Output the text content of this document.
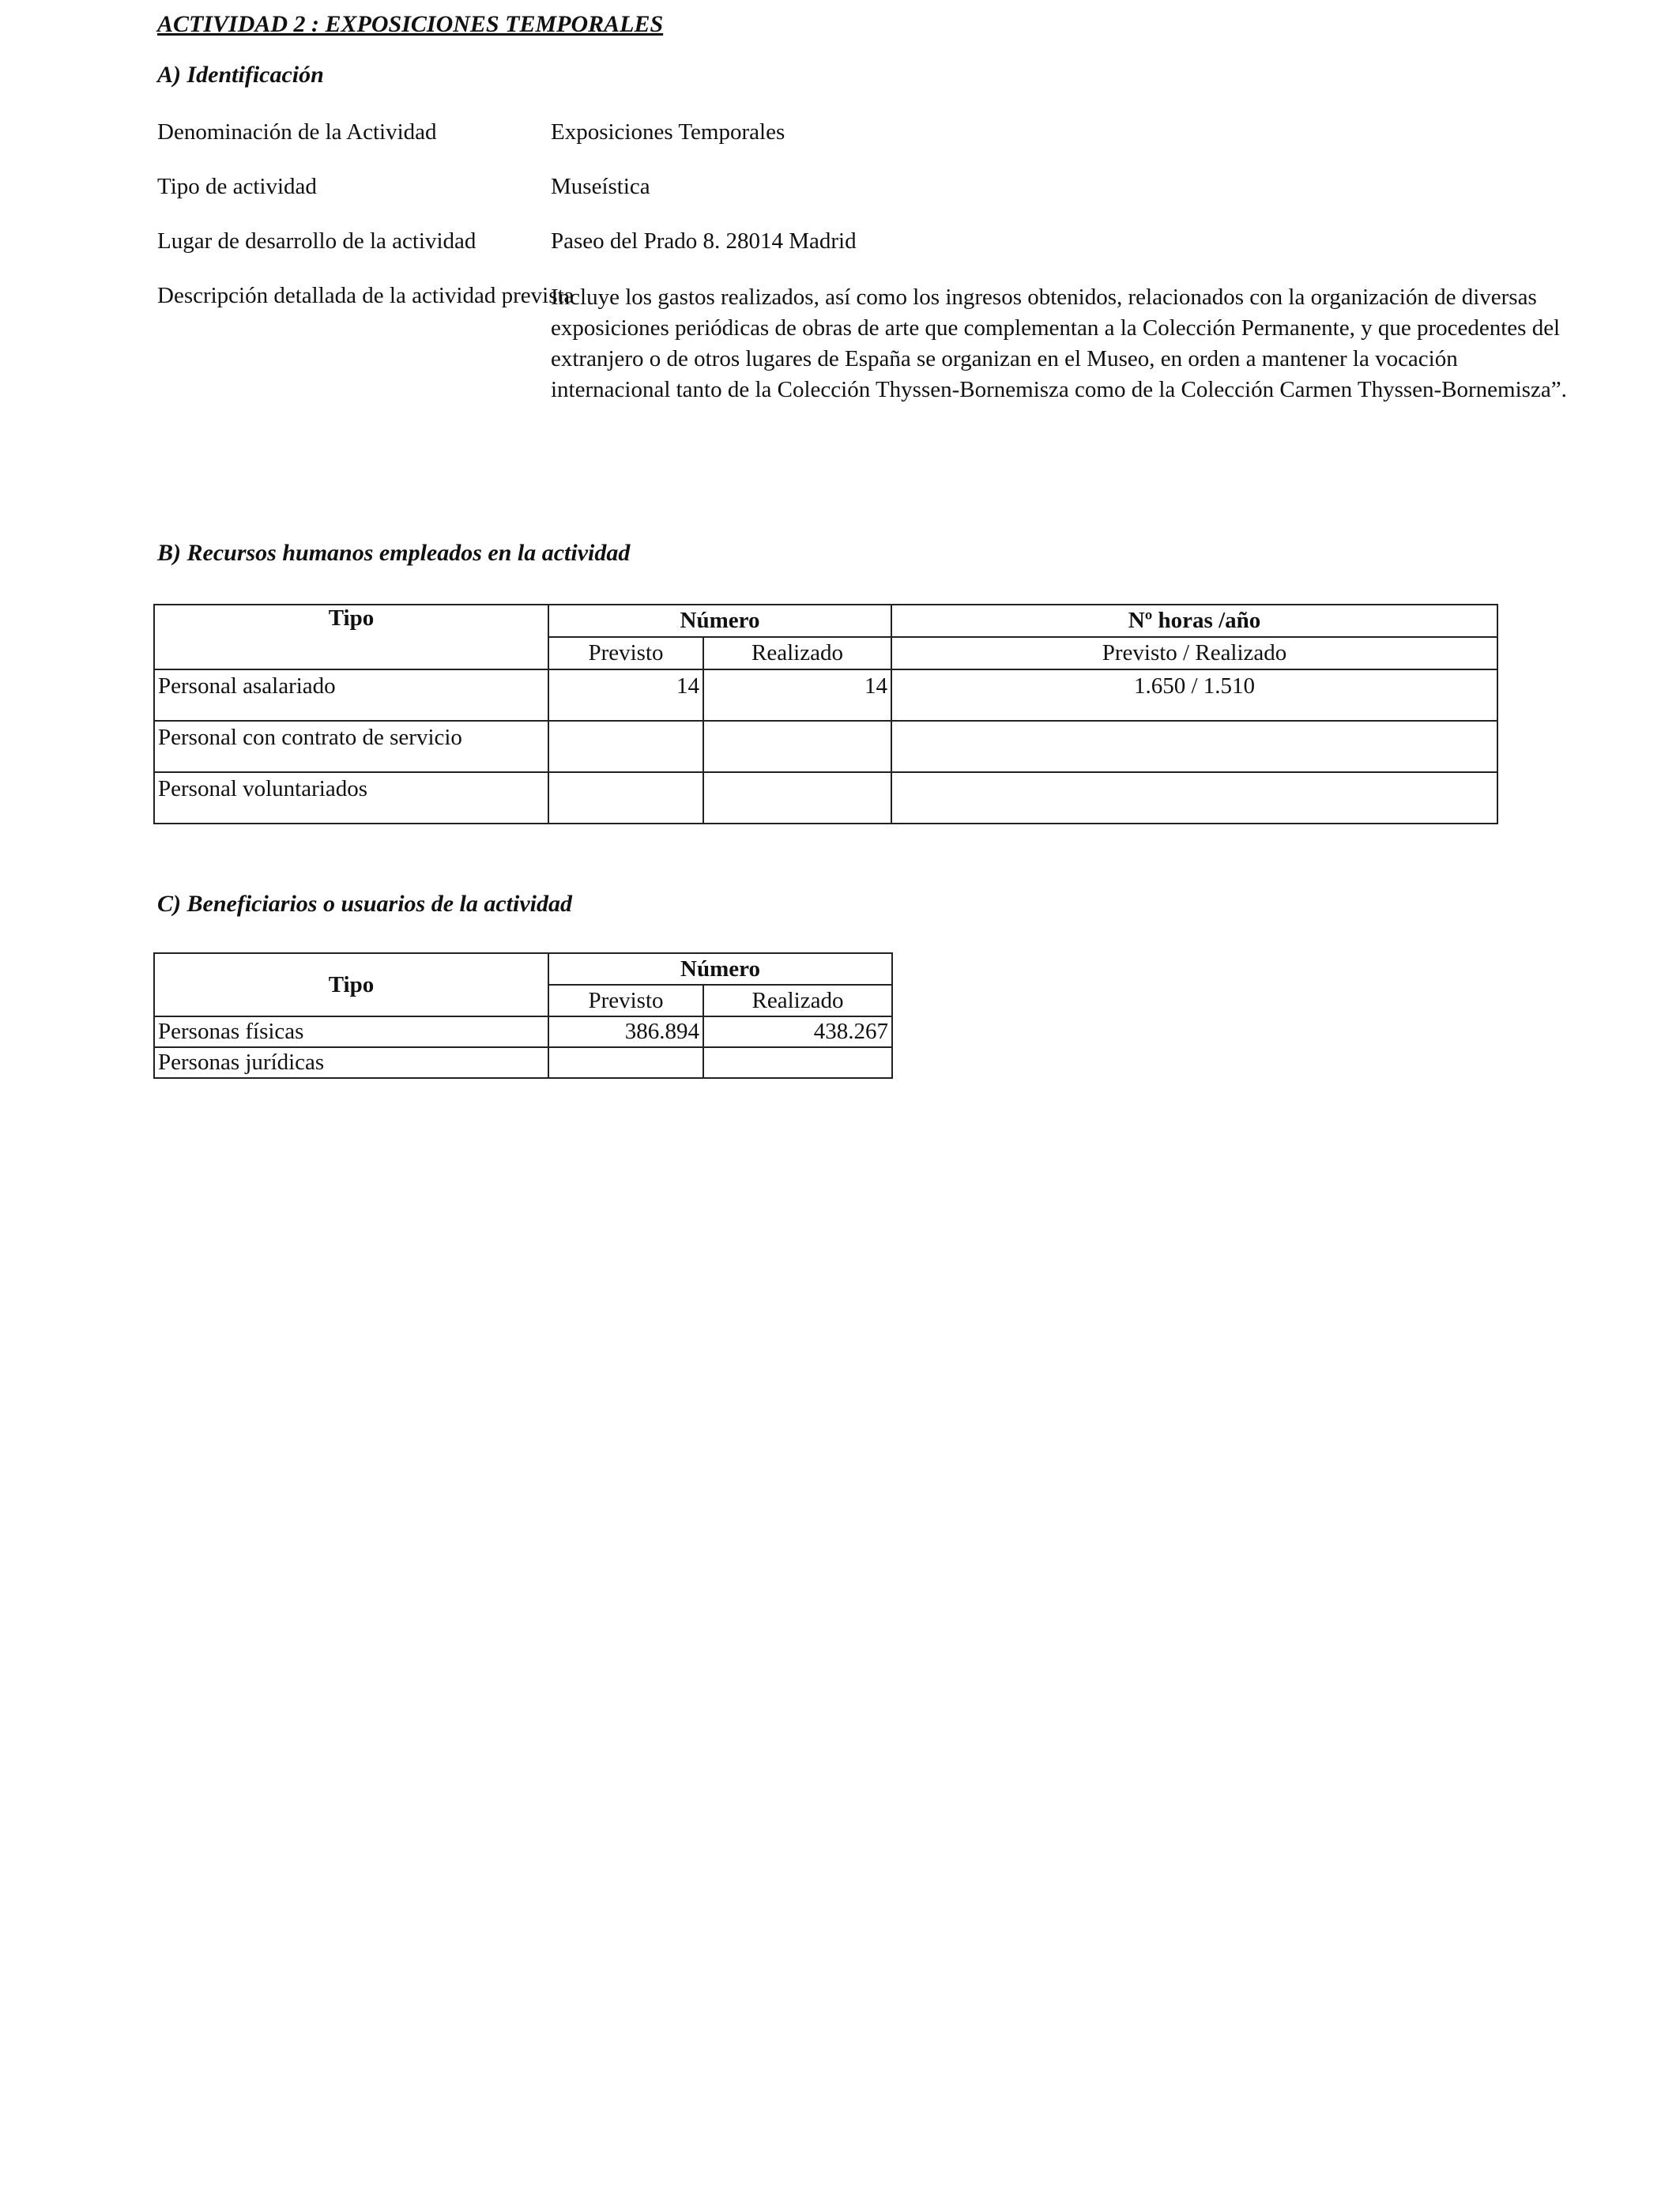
ACTIVIDAD 2 : EXPOSICIONES TEMPORALES
A) Identificación
Denominación de la Actividad	Exposiciones Temporales
Tipo de actividad	Museística
Lugar de desarrollo de la actividad	Paseo del Prado 8. 28014 Madrid
Descripción detallada de la actividad prevista
Incluye los gastos realizados, así como los ingresos obtenidos, relacionados con la organización de diversas
exposiciones periódicas de obras de arte que complementan a la Colección Permanente, y que procedentes del
extranjero o de otros lugares de España se organizan en el Museo, en orden a mantener la vocación
internacional tanto de la Colección Thyssen-Bornemisza como de la Colección Carmen Thyssen-Bornemisza”.
B) Recursos humanos empleados en la actividad
Tipo	Número		Nº horas /año
	Previsto	Realizado	Previsto / Realizado
Personal asalariado	14	14	1.650 / 1.510
Personal con contrato de servicio			
Personal voluntariados			
C) Beneficiarios o usuarios de la actividad
Tipo	Número	
	Previsto	Realizado
Personas físicas	386.894	438.267
Personas jurídicas		
